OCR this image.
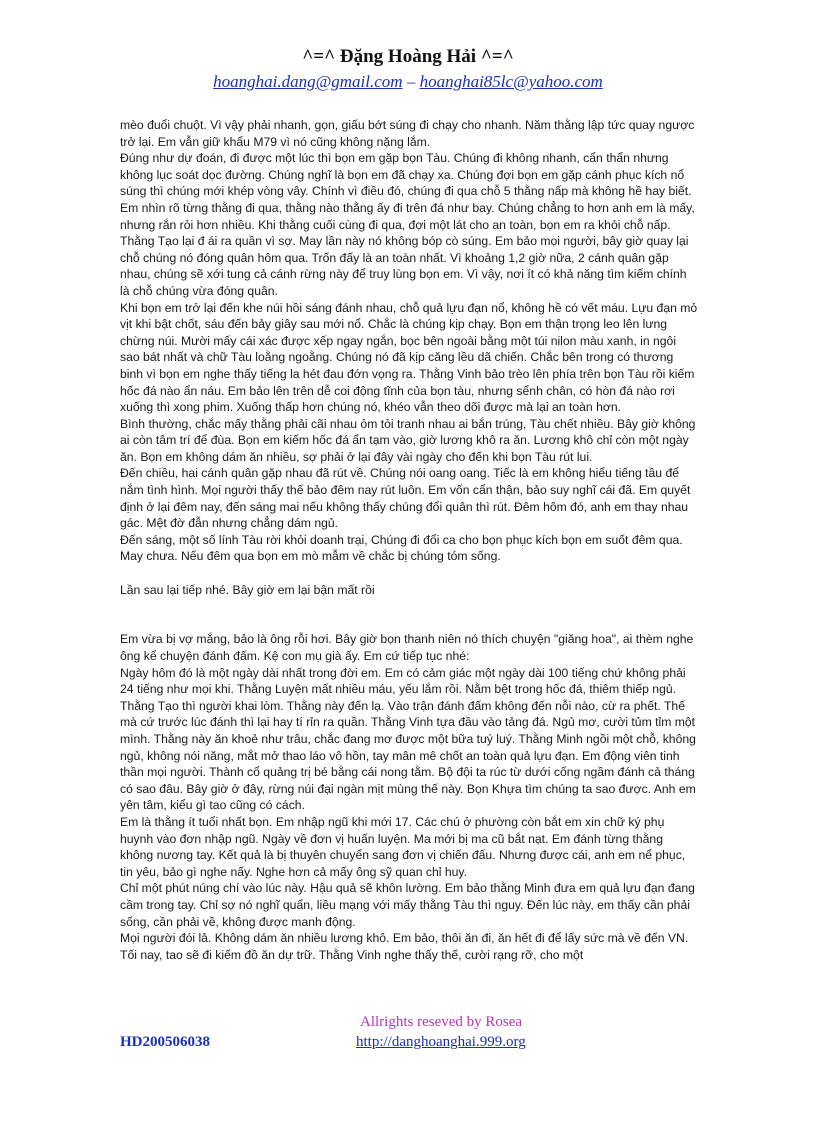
^=^ Đặng Hoàng Hải ^=^
hoanghai.dang@gmail.com – hoanghai85lc@yahoo.com

mèo đuổi chuột. Vì vậy phải nhanh, gọn, giấu bớt súng đi chạy cho nhanh. Năm thằng lập tức quay ngược trở lại. Em vẫn giữ khẩu M79 vì nó cũng không nặng lắm.

Đúng như dự đoán, đi được một lúc thì bọn em gặp bọn Tàu. Chúng đi không nhanh, cẩn thẩn nhưng không lục soát dọc đường. Chúng nghĩ là bọn em đã chạy xa. Chúng đợi bọn em gặp cánh phục kích nổ súng thì chúng mới khép vòng vây. Chính vì điều đó, chúng đi qua chỗ 5 thằng nấp mà không hề hay biết. Em nhìn rõ từng thằng đi qua, thằng nào thằng ấy đi trên đá như bay. Chúng chẳng to hơn anh em là mấy, nhưng rắn rỏi hơn nhiều. Khi thằng cuối cùng đi qua, đợi một lát cho an toàn, bọn em ra khỏi chỗ nấp. Thằng Tạo lại đ ái ra quần vì sợ. May lần này nó không bóp cò súng. Em bảo mọi người, bây giờ quay lại chỗ chúng nó đóng quân hôm qua. Trốn đấy là an toàn nhất. Vì khoảng 1,2 giờ nữa, 2 cánh quân gặp nhau, chúng sẽ xới tung cả cánh rừng này để truy lùng bọn em. Vì vậy, nơi ít có khả năng tìm kiếm chính là chỗ chúng vừa đóng quân.

Khi bọn em trở lại đến khe núi hồi sáng đánh nhau, chỗ quả lựu đạn nổ, không hề có vết máu. Lựu đạn mỏ vịt khi bật chốt, sáu đến bảy giây sau mới nổ. Chắc là chúng kịp chạy. Bọn em thận trọng leo lên lưng chừng núi. Mười mấy cái xác được xếp ngay ngắn, bọc bên ngoài bằng một túi nilon màu xanh, in ngôi sao bát nhất và chữ Tàu loằng ngoằng. Chúng nó đã kịp căng lều dã chiến. Chắc bên trong có thương binh vì bọn em nghe thấy tiếng la hét đau đớn vọng ra. Thằng Vinh bảo trèo lên phía trên bọn Tàu rồi kiếm hốc đá nào ẩn náu. Em bảo lên trên dễ coi động tĩnh của bọn tàu, nhưng sểnh chân, có hòn đá nào rơi xuống thì xong phim. Xuống thấp hơn chúng nó, khéo vẫn theo dõi được mà lại an toàn hơn.

Bình thường, chắc mấy thằng phải cãi nhau ỏm tỏi tranh nhau ai bắn trúng, Tàu chết nhiều. Bây giờ không ai còn tâm trí để đùa. Bọn em kiếm hốc đá ẩn tạm vào, giờ lương khô ra ăn. Lương khô chỉ còn một ngày ăn. Bọn em không dám ăn nhiều, sợ phải ở lại đây vài ngày cho đến khi bọn Tàu rút lui.

Đến chiều, hai cánh quân gặp nhau đã rút về. Chúng nói oang oang. Tiếc là em không hiểu tiếng tầu để nắm tình hình. Mọi người thấy thế bảo đêm nay rút luôn. Em vốn cẩn thận, bảo suy nghĩ cái đã. Em quyết định ở lại đêm nay, đến sáng mai nếu không thấy chúng đổi quân thì rút. Đêm hôm đó, anh em thay nhau gác. Mệt đờ đẫn nhưng chẳng dám ngủ.

Đến sáng, một số lính Tàu rời khỏi doanh trại, Chúng đi đổi ca cho bọn phục kích bọn em suốt đêm qua. May chưa. Nếu đêm qua bọn em mò mẫm về chắc bị chúng tóm sống.

Lần sau lại tiếp nhé. Bây giờ em lại bận mất rồi

Em vừa bị vợ mắng, bảo là ông rỗi hơi. Bây giờ bọn thanh niên nó thích chuyện "giăng hoa", ai thèm nghe ông kể chuyện đánh đấm. Kệ con mụ già ấy. Em cứ tiếp tục nhé:

Ngày hôm đó là một ngày dài nhất trong đời em. Em có cảm giác một ngày dài 100 tiếng chứ không phải 24 tiếng như mọi khi. Thằng Luyện mất nhiều máu, yếu lắm rồi. Nằm bệt trong hốc đá, thiêm thiếp ngủ. Thằng Tạo thì người khai lòm. Thằng này đến lạ. Vào trận đánh đấm không đến nỗi nào, cừ ra phết. Thế mà cứ trước lúc đánh thì lại hay tí rỉn ra quần. Thằng Vinh tựa đầu vào tảng đá. Ngủ mơ, cười tủm tỉm một mình. Thằng này ăn khoẻ như trâu, chắc đang mơ được một bữa tuý luý. Thằng Minh ngồi một chỗ, không ngủ, không nói năng, mắt mở thao láo vô hồn, tay mân mê chốt an toàn quả lựu đạn. Em động viên tinh thần mọi người. Thành cổ quảng trị bé bằng cái nong tằm. Bộ đội ta rúc từ dưới cống ngầm đánh cả tháng có sao đâu. Bây giờ ở đây, rừng núi đại ngàn mịt mùng thế này. Bọn Khựa tìm chúng ta sao được. Anh em yên tâm, kiểu gì tao cũng có cách.

Em là thằng ít tuổi nhất bọn. Em nhập ngũ khi mới 17. Các chú ở phường còn bắt em xin chữ ký phụ huynh vào đơn nhập ngũ. Ngày về đơn vị huấn luyện. Ma mới bị ma cũ bắt nạt. Em đánh từng thằng không nương tay. Kết quả là bị thuyên chuyển sang đơn vị chiến đấu. Nhưng được cái, anh em nể phục, tin yêu, bảo gì nghe nấy. Nghe hơn cả mấy ông sỹ quan chỉ huy.

Chỉ một phút núng chí vào lúc này. Hậu quả sẽ khôn lường. Em bảo thằng Minh đưa em quả lựu đạn đang cầm trong tay. Chỉ sợ nó nghĩ quẩn, liều mạng với mấy thằng Tàu thì nguy. Đến lúc này, em thấy cần phải sống, cần phải về, không được manh động.

Mọi người đói lả. Không dám ăn nhiều lương khô. Em bảo, thôi ăn đi, ăn hết đi để lấy sức mà về đến VN. Tối nay, tao sẽ đi kiếm đồ ăn dự trữ. Thằng Vinh nghe thấy thế, cười rạng rỡ, cho một

Allrights reseved by Rosea
HD200506038	http://danghoanghai.999.org
